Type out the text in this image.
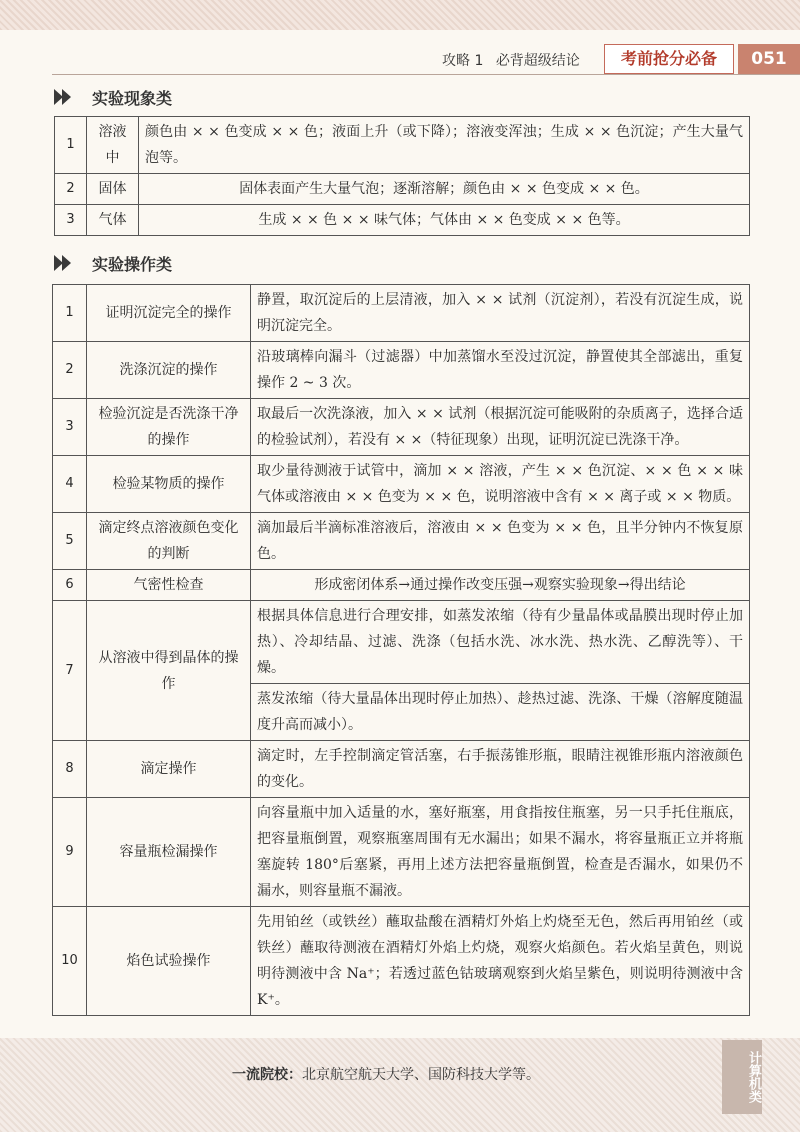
攻略 1 必背超级结论	考前抢分必备	051
实验现象类
1	溶液中	颜色由 × × 色变成 × × 色；液面上升（或下降）；溶液变浑浊；生成 × × 色沉淀；产生大量气泡等。
2	固体	固体表面产生大量气泡；逐渐溶解；颜色由 × × 色变成 × × 色。
3	气体	生成 × × 色 × × 味气体；气体由 × × 色变成 × × 色等。
实验操作类
1	证明沉淀完全的操作	静置，取沉淀后的上层清液，加入 × × 试剂（沉淀剂），若没有沉淀生成，说明沉淀完全。
2	洗涤沉淀的操作	沿玻璃棒向漏斗（过滤器）中加蒸馏水至没过沉淀，静置使其全部滤出，重复操作 2 ~ 3 次。
3	检验沉淀是否洗涤干净的操作	取最后一次洗涤液，加入 × × 试剂（根据沉淀可能吸附的杂质离子，选择合适的检验试剂），若没有 × ×（特征现象）出现，证明沉淀已洗涤干净。
4	检验某物质的操作	取少量待测液于试管中，滴加 × × 溶液，产生 × × 色沉淀、× × 色 × × 味气体或溶液由 × × 色变为 × × 色，说明溶液中含有 × × 离子或 × × 物质。
5	滴定终点溶液颜色变化的判断	滴加最后半滴标准溶液后，溶液由 × × 色变为 × × 色，且半分钟内不恢复原色。
6	气密性检查	形成密闭体系→通过操作改变压强→观察实验现象→得出结论
7	从溶液中得到晶体的操作	根据具体信息进行合理安排，如蒸发浓缩（待有少量晶体或晶膜出现时停止加热）、冷却结晶、过滤、洗涤（包括水洗、冰水洗、热水洗、乙醇洗等）、干燥。
		蒸发浓缩（待大量晶体出现时停止加热）、趁热过滤、洗涤、干燥（溶解度随温度升高而减小）。
8	滴定操作	滴定时，左手控制滴定管活塞，右手振荡锥形瓶，眼睛注视锥形瓶内溶液颜色的变化。
9	容量瓶检漏操作	向容量瓶中加入适量的水，塞好瓶塞，用食指按住瓶塞，另一只手托住瓶底，把容量瓶倒置，观察瓶塞周围有无水漏出；如果不漏水，将容量瓶正立并将瓶塞旋转 180°后塞紧，再用上述方法把容量瓶倒置，检查是否漏水，如果仍不漏水，则容量瓶不漏液。
10	焰色试验操作	先用铂丝（或铁丝）蘸取盐酸在酒精灯外焰上灼烧至无色，然后再用铂丝（或铁丝）蘸取待测液在酒精灯外焰上灼烧，观察火焰颜色。若火焰呈黄色，则说明待测液中含 Na⁺；若透过蓝色钴玻璃观察到火焰呈紫色，则说明待测液中含 K⁺。
一流院校：北京航空航天大学、国防科技大学等。	计算机类
